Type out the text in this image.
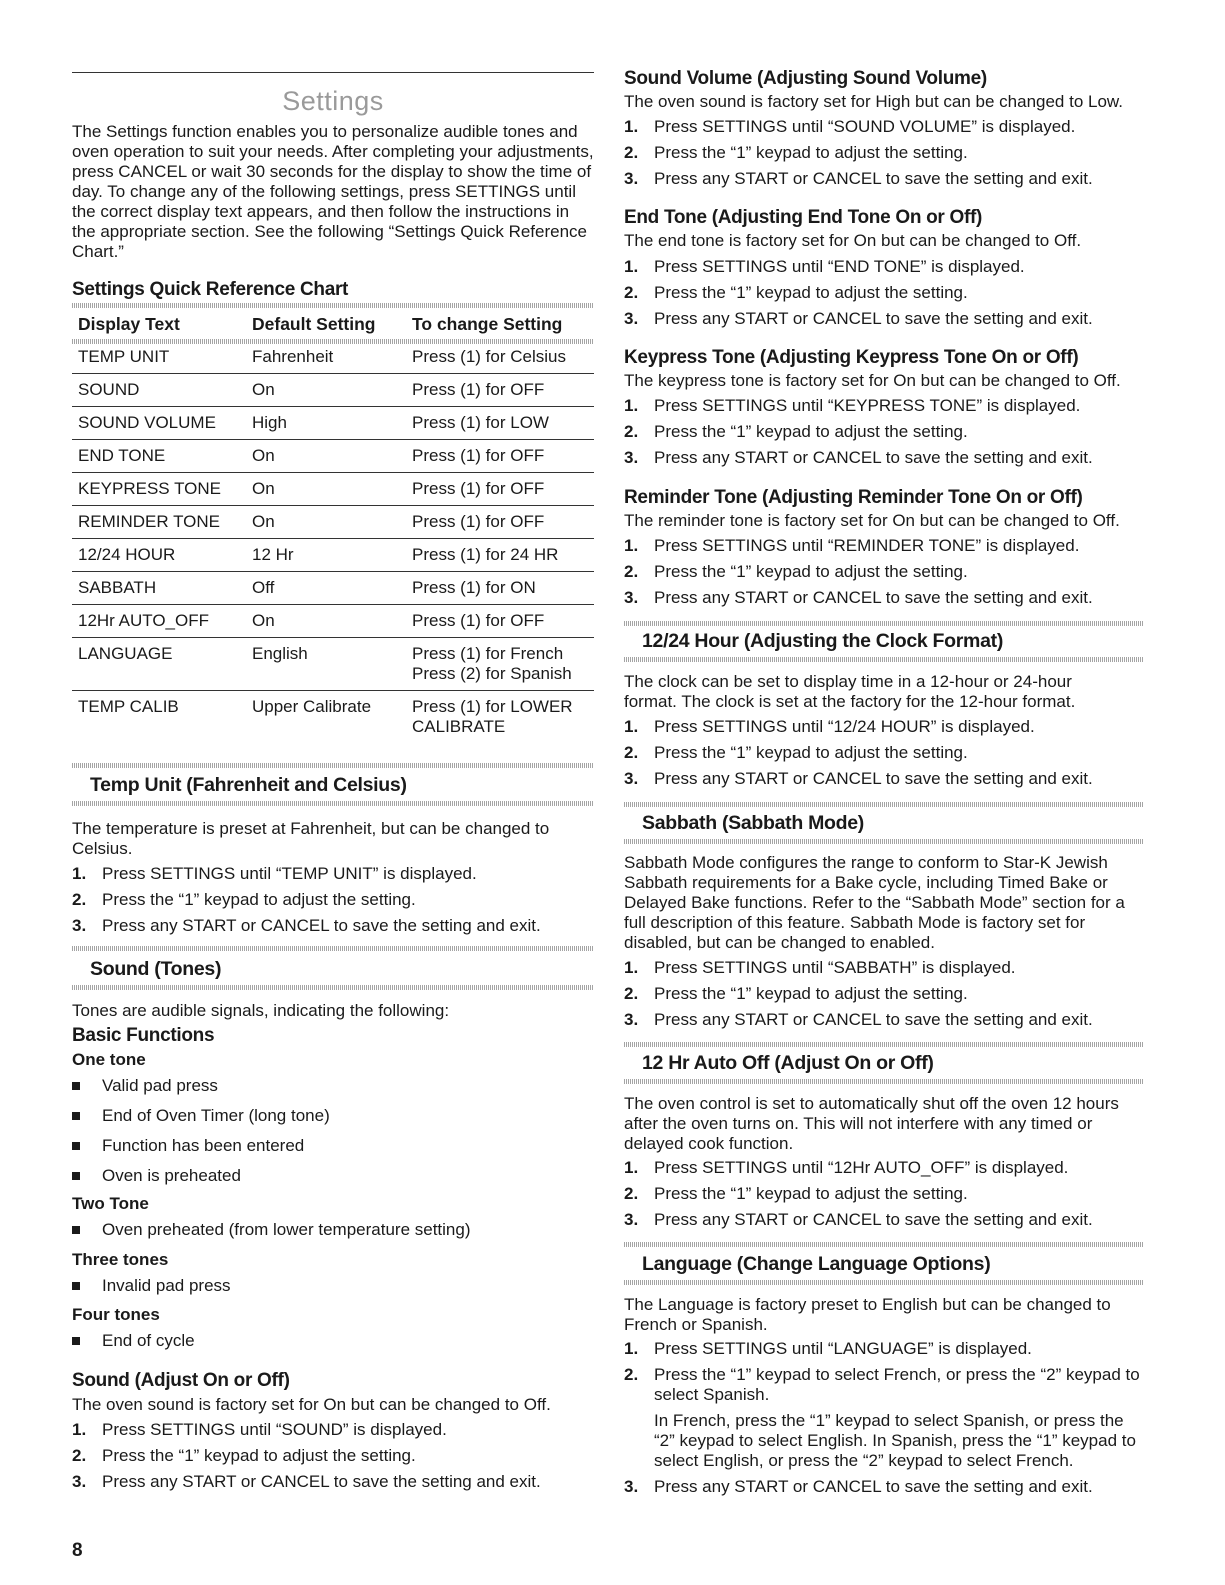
Settings

The Settings function enables you to personalize audible tones and oven operation to suit your needs. After completing your adjustments, press CANCEL or wait 30 seconds for the display to show the time of day. To change any of the following settings, press SETTINGS until the correct display text appears, and then follow the instructions in the appropriate section. See the following “Settings Quick Reference Chart.”

Settings Quick Reference Chart
Display Text	Default Setting	To change Setting

TEMP UNIT	Fahrenheit	Press (1) for Celsius

SOUND	On	Press (1) for OFF

SOUND VOLUME	High	Press (1) for LOW

END TONE	On	Press (1) for OFF

KEYPRESS TONE	On	Press (1) for OFF

REMINDER TONE	On	Press (1) for OFF

12/24 HOUR	12 Hr	Press (1) for 24 HR

SABBATH	Off	Press (1) for ON

12Hr AUTO_OFF	On	Press (1) for OFF

LANGUAGE	English	Press (1) for French
Press (2) for Spanish

TEMP CALIB	Upper Calibrate	Press (1) for LOWER
CALIBRATE
Temp Unit (Fahrenheit and Celsius)

The temperature is preset at Fahrenheit, but can be changed to Celsius.

1. Press SETTINGS until “TEMP UNIT” is displayed.
2. Press the “1” keypad to adjust the setting.
3. Press any START or CANCEL to save the setting and exit.
Sound (Tones)

Tones are audible signals, indicating the following:

Basic Functions
One tone
Valid pad press
End of Oven Timer (long tone)
Function has been entered
Oven is preheated
Two Tone
Oven preheated (from lower temperature setting)
Three tones
Invalid pad press
Four tones
End of cycle
Sound (Adjust On or Off)

The oven sound is factory set for On but can be changed to Off.

1. Press SETTINGS until “SOUND” is displayed.
2. Press the “1” keypad to adjust the setting.
3. Press any START or CANCEL to save the setting and exit.
8
Sound Volume (Adjusting Sound Volume)

The oven sound is factory set for High but can be changed to Low.

1. Press SETTINGS until “SOUND VOLUME” is displayed.
2. Press the “1” keypad to adjust the setting.
3. Press any START or CANCEL to save the setting and exit.
End Tone (Adjusting End Tone On or Off)

The end tone is factory set for On but can be changed to Off.

1. Press SETTINGS until “END TONE” is displayed.
2. Press the “1” keypad to adjust the setting.
3. Press any START or CANCEL to save the setting and exit.
Keypress Tone (Adjusting Keypress Tone On or Off)

The keypress tone is factory set for On but can be changed to Off.

1. Press SETTINGS until “KEYPRESS TONE” is displayed.
2. Press the “1” keypad to adjust the setting.
3. Press any START or CANCEL to save the setting and exit.
Reminder Tone (Adjusting Reminder Tone On or Off)

The reminder tone is factory set for On but can be changed to Off.

1. Press SETTINGS until “REMINDER TONE” is displayed.
2. Press the “1” keypad to adjust the setting.
3. Press any START or CANCEL to save the setting and exit.
12/24 Hour (Adjusting the Clock Format)

The clock can be set to display time in a 12-hour or 24-hour format. The clock is set at the factory for the 12-hour format.

1. Press SETTINGS until “12/24 HOUR” is displayed.
2. Press the “1” keypad to adjust the setting.
3. Press any START or CANCEL to save the setting and exit.
Sabbath (Sabbath Mode)

Sabbath Mode configures the range to conform to Star-K Jewish Sabbath requirements for a Bake cycle, including Timed Bake or Delayed Bake functions. Refer to the “Sabbath Mode” section for a full description of this feature. Sabbath Mode is factory set for disabled, but can be changed to enabled.

1. Press SETTINGS until “SABBATH” is displayed.
2. Press the “1” keypad to adjust the setting.
3. Press any START or CANCEL to save the setting and exit.
12 Hr Auto Off (Adjust On or Off)

The oven control is set to automatically shut off the oven 12 hours after the oven turns on. This will not interfere with any timed or delayed cook function.

1. Press SETTINGS until “12Hr AUTO_OFF” is displayed.
2. Press the “1” keypad to adjust the setting.
3. Press any START or CANCEL to save the setting and exit.
Language (Change Language Options)

The Language is factory preset to English but can be changed to French or Spanish.

1. Press SETTINGS until “LANGUAGE” is displayed.
2. Press the “1” keypad to select French, or press the “2” keypad to select Spanish.
In French, press the “1” keypad to select Spanish, or press the “2” keypad to select English. In Spanish, press the “1” keypad to select English, or press the “2” keypad to select French.
3. Press any START or CANCEL to save the setting and exit.
